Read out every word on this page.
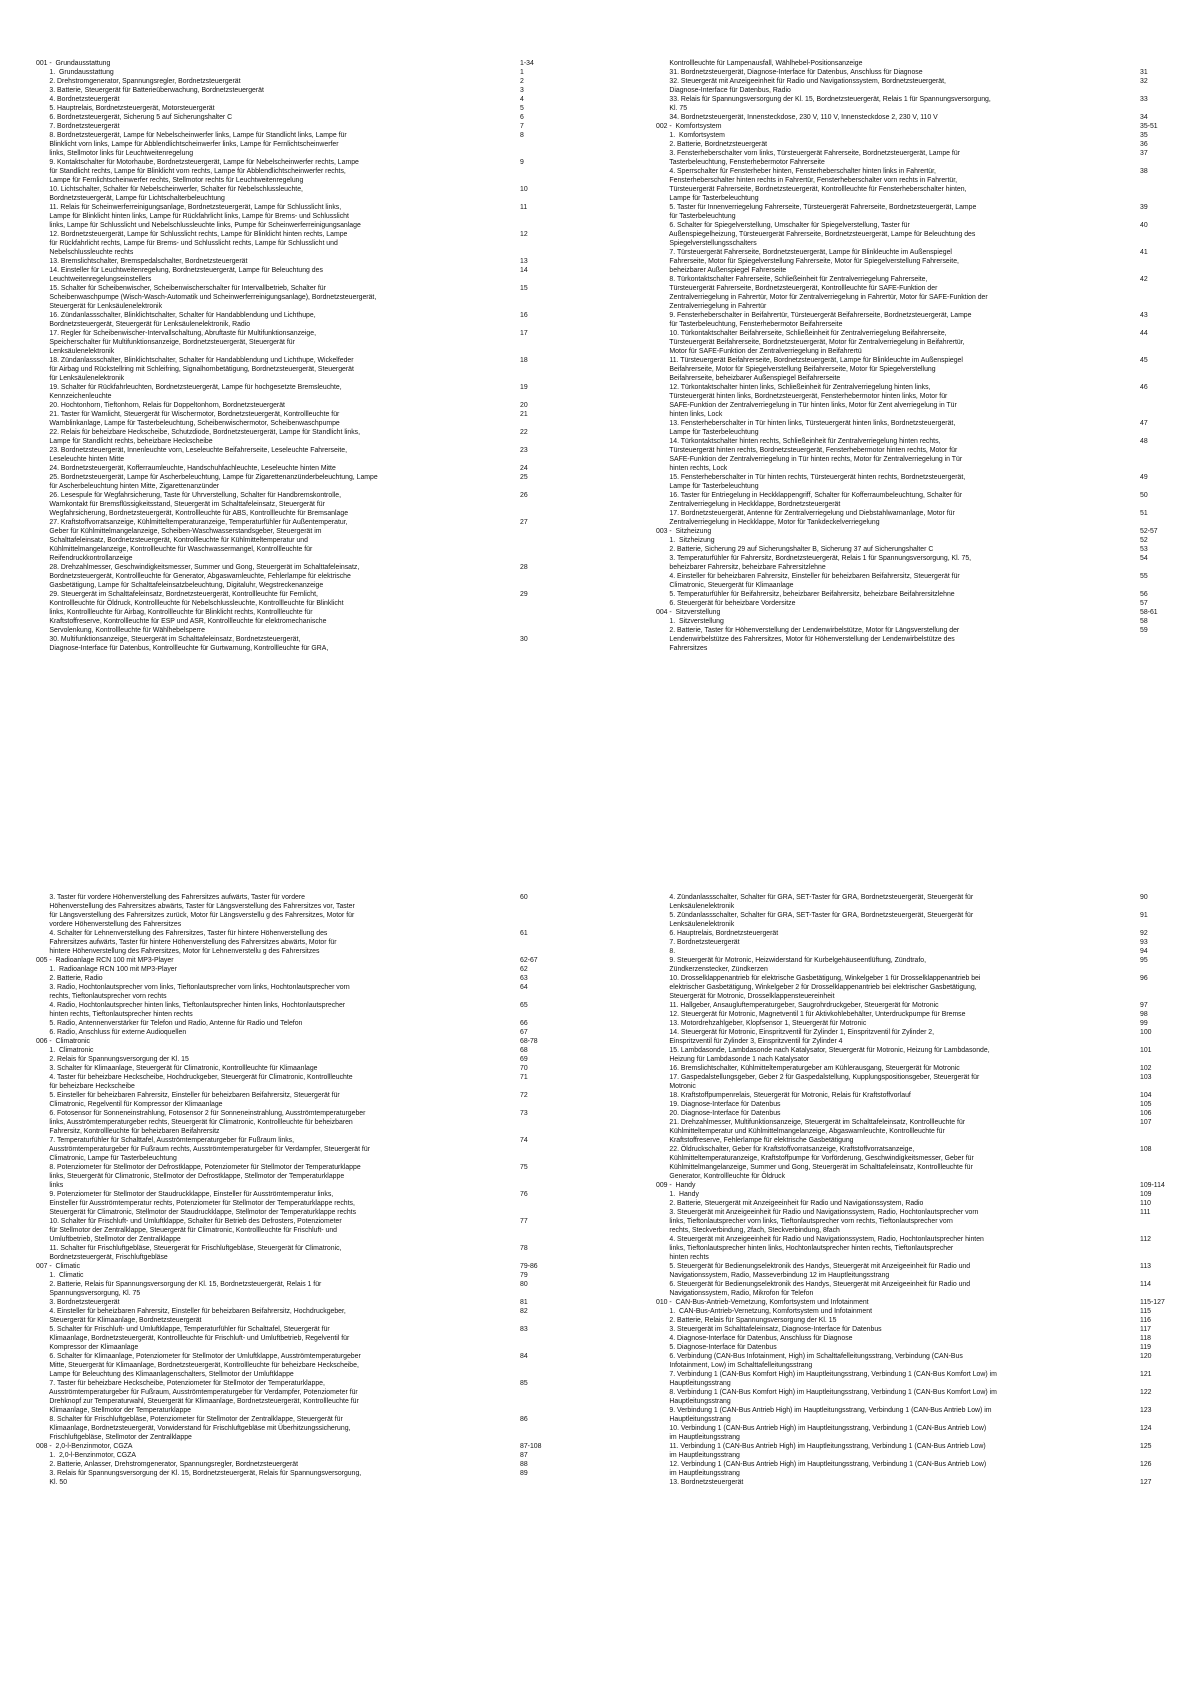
001 -  Grundausstattung	1-34
1.  Grundausstattung	1
2. Drehstromgenerator, Spannungsregler, Bordnetzsteuergerät	2
3. Batterie, Steuergerät für Batterieüberwachung, Bordnetzsteuergerät	3
4. Bordnetzsteuergerät	4
5. Hauptrelais, Bordnetzsteuergerät, Motorsteuergerät	5
6. Bordnetzsteuergerät, Sicherung 5 auf Sicherungshalter C	6
7. Bordnetzsteuergerät	7
8. Bordnetzsteuergerät, Lampe für Nebelscheinwerfer links, Lampe für Standlicht links, Lampe für	8
Blinklicht vorn links, Lampe für Abblendlichtscheinwerfer links, Lampe für Fernlichtscheinwerfer
links, Stellmotor links für Leuchtweitenregelung
9. Kontaktschalter für Motorhaube, Bordnetzsteuergerät, Lampe für Nebelscheinwerfer rechts, Lampe	9
für Standlicht rechts, Lampe für Blinklicht vorn rechts, Lampe für Abblendlichtscheinwerfer rechts,
Lampe für Fernlichtscheinwerfer rechts, Stellmotor rechts für Leuchtweitenregelung
10. Lichtschalter, Schalter für Nebelscheinwerfer, Schalter für Nebelschlussleuchte,	10
Bordnetzsteuergerät, Lampe für Lichtschalterbeleuchtung
11. Relais für Scheinwerferreinigungsanlage, Bordnetzsteuergerät, Lampe für Schlusslicht links,	11
Lampe für Blinklicht hinten links, Lampe für Rückfahrlicht links, Lampe für Brems- und Schlusslicht
links, Lampe für Schlusslicht und Nebelschlussleuchte links, Pumpe für Scheinwerferreinigungsanlage
12. Bordnetzsteuergerät, Lampe für Schlusslicht rechts, Lampe für Blinklicht hinten rechts, Lampe	12
für Rückfahrlicht rechts, Lampe für Brems- und Schlusslicht rechts, Lampe für Schlusslicht und
Nebelschlussleuchte rechts
13. Bremslichtschalter, Bremspedalschalter, Bordnetzsteuergerät	13
14. Einsteller für Leuchtweitenregelung, Bordnetzsteuergerät, Lampe für Beleuchtung des	14
Leuchtweitenregelungseinstellers
15. Schalter für Scheibenwischer, Scheibenwischerschalter für Intervallbetrieb, Schalter für	15
Scheibenwaschpumpe (Wisch-Wasch-Automatik und Scheinwerferreinigungsanlage), Bordnetzsteuergerät,
Steuergerät für Lenksäulenelektronik
16. Zündanlassschalter, Blinklichtschalter, Schalter für Handabblendung und Lichthupe,	16
Bordnetzsteuergerät, Steuergerät für Lenksäulenelektronik, Radio
17. Regler für Scheibenwischer-Intervallschaltung, Abruftaste für Multifunktionsanzeige,	17
Speicherschalter für Multifunktionsanzeige, Bordnetzsteuergerät, Steuergerät für
Lenksäulenelektronik
18. Zündanlassschalter, Blinklichtschalter, Schalter für Handabblendung und Lichthupe, Wickelfeder	18
für Airbag und Rückstellring mit Schleifring, Signalhornbetätigung, Bordnetzsteuergerät, Steuergerät
für Lenksäulenelektronik
19. Schalter für Rückfahrleuchten, Bordnetzsteuergerät, Lampe für hochgesetzte Bremsleuchte,	19
Kennzeichenleuchte
20. Hochtonhorn, Tieftonhorn, Relais für Doppeltonhorn, Bordnetzsteuergerät	20
21. Taster für Warnlicht, Steuergerät für Wischermotor, Bordnetzsteuergerät, Kontrollleuchte für	21
Warnblinkanlage, Lampe für Tasterbeleuchtung, Scheibenwischermotor, Scheibenwaschpumpe
22. Relais für beheizbare Heckscheibe, Schutzdiode, Bordnetzsteuergerät, Lampe für Standlicht links,	22
Lampe für Standlicht rechts, beheizbare Heckscheibe
23. Bordnetzsteuergerät, Innenleuchte vorn, Leseleuchte Beifahrerseite, Leseleuchte Fahrerseite,	23
Leseleuchte hinten Mitte
24. Bordnetzsteuergerät, Kofferraumleuchte, Handschuhfachleuchte, Leseleuchte hinten Mitte	24
25. Bordnetzsteuergerät, Lampe für Ascherbeleuchtung, Lampe für Zigarettenanzünderbeleuchtung, Lampe	25
für Ascherbeleuchtung hinten Mitte, Zigarettenanzünder
26. Lesespule für Wegfahrsicherung, Taste für Uhrverstellung, Schalter für Handbremskontrolle,	26
Warnkontakt für Bremsflüssigkeitsstand, Steuergerät im Schalttafeleinsatz, Steuergerät für
Wegfahrsicherung, Bordnetzsteuergerät, Kontrollleuchte für ABS, Kontrollleuchte für Bremsanlage
27. Kraftstoffvorratsanzeige, Kühlmitteltemperaturanzeige, Temperaturfühler für Außentemperatur,	27
Geber für Kühlmittelmangelanzeige, Scheiben-Waschwasserstandsgeber, Steuergerät im
Schalttafeleinsatz, Bordnetzsteuergerät, Kontrollleuchte für Kühlmitteltemperatur und
Kühlmittelmangelanzeige, Kontrollleuchte für Waschwassermangel, Kontrollleuchte für
Reifendruckkontrollanzeige
28. Drehzahlmesser, Geschwindigkeitsmesser, Summer und Gong, Steuergerät im Schalttafeleinsatz,	28
Bordnetzsteuergerät, Kontrollleuchte für Generator, Abgaswarnleuchte, Fehlerlampe für elektrische
Gasbetätigung, Lampe für Schalttafeleinsatzbeleuchtung, Digitaluhr, Wegstreckenanzeige
29. Steuergerät im Schalttafeleinsatz, Bordnetzsteuergerät, Kontrollleuchte für Fernlicht,	29
Kontrollleuchte für Öldruck, Kontrollleuchte für Nebelschlussleuchte, Kontrollleuchte für Blinklicht
links, Kontrollleuchte für Airbag, Kontrollleuchte für Blinklicht rechts, Kontrollleuchte für
Kraftstoffreserve, Kontrollleuchte für ESP und ASR, Kontrollleuchte für elektromechanische
Servolenkung, Kontrollleuchte für Wählhebelsperre
30. Multifunktionsanzeige, Steuergerät im Schalttafeleinsatz, Bordnetzsteuergerät,	30
Diagnose-Interface für Datenbus, Kontrollleuchte für Gurtwarnung, Kontrollleuchte für GRA,
Kontrollleuchte für Lampenausfall, Wählhebel-Positionsanzeige
31. Bordnetzsteuergerät, Diagnose-Interface für Datenbus, Anschluss für Diagnose	31
32. Steuergerät mit Anzeigeeinheit für Radio und Navigationssystem, Bordnetzsteuergerät,	32
Diagnose-Interface für Datenbus, Radio
33. Relais für Spannungsversorgung der Kl. 15, Bordnetzsteuergerät, Relais 1 für Spannungsversorgung,	33
Kl. 75
34. Bordnetzsteuergerät, Innensteckdose, 230 V, 110 V, Innensteckdose 2, 230 V, 110 V	34
002 -  Komfortsystem	35-51
1.  Komfortsystem	35
2. Batterie, Bordnetzsteuergerät	36
3. Fensterheberschalter vorn links, Türsteuergerät Fahrerseite, Bordnetzsteuergerät, Lampe für	37
Tasterbeleuchtung, Fensterhebermotor Fahrerseite
4. Sperrschalter für Fensterheber hinten, Fensterheberschalter hinten links in Fahrertür,	38
Fensterheberschalter hinten rechts in Fahrertür, Fensterheberschalter vorn rechts in Fahrertür,
Türsteuergerät Fahrerseite, Bordnetzsteuergerät, Kontrollleuchte für Fensterheberschalter hinten,
Lampe für Tasterbeleuchtung
5. Taster für Innenverriegelung Fahrerseite, Türsteuergerät Fahrerseite, Bordnetzsteuergerät, Lampe	39
für Tasterbeleuchtung
6. Schalter für Spiegelverstellung, Umschalter für Spiegelverstellung, Taster für	40
Außenspiegelheizung, Türsteuergerät Fahrerseite, Bordnetzsteuergerät, Lampe für Beleuchtung des
Spiegelverstellungsschalters
7. Türsteuergerät Fahrerseite, Bordnetzsteuergerät, Lampe für Blinkleuchte im Außenspiegel	41
Fahrerseite, Motor für Spiegelverstellung Fahrerseite, Motor für Spiegelverstellung Fahrerseite,
beheizbarer Außenspiegel Fahrerseite
8. Türkontaktschalter Fahrerseite, Schließeinheit für Zentralverriegelung Fahrerseite,	42
Türsteuergerät Fahrerseite, Bordnetzsteuergerät, Kontrollleuchte für SAFE-Funktion der
Zentralverriegelung in Fahrertür, Motor für Zentralverriegelung in Fahrertür, Motor für SAFE-Funktion der
Zentralverriegelung in Fahrertür
9. Fensterheberschalter in Beifahrertür, Türsteuergerät Beifahrerseite, Bordnetzsteuergerät, Lampe	43
für Tasterbeleuchtung, Fensterhebermotor Beifahrerseite
10. Türkontaktschalter Beifahrerseite, Schließeinheit für Zentralverriegelung Beifahrerseite,	44
Türsteuergerät Beifahrerseite, Bordnetzsteuergerät, Motor für Zentralverriegelung in Beifahrertür,
Motor für SAFE-Funktion der Zentralverriegelung in Beifahrertü
11. Türsteuergerät Beifahrerseite, Bordnetzsteuergerät, Lampe für Blinkleuchte im Außenspiegel	45
Beifahrerseite, Motor für Spiegelverstellung Beifahrerseite, Motor für Spiegelverstellung
Beifahrerseite, beheizbarer Außenspiegel Beifahrerseite
12. Türkontaktschalter hinten links, Schließeinheit für Zentralverriegelung hinten links,	46
Türsteuergerät hinten links, Bordnetzsteuergerät, Fensterhebermotor hinten links, Motor für
SAFE-Funktion der Zentralverriegelung in Tür hinten links, Motor für Zent alverriegelung in Tür
hinten links, Lock
13. Fensterheberschalter in Tür hinten links, Türsteuergerät hinten links, Bordnetzsteuergerät,	47
Lampe für Tasterbeleuchtung
14. Türkontaktschalter hinten rechts, Schließeinheit für Zentralverriegelung hinten rechts,	48
Türsteuergerät hinten rechts, Bordnetzsteuergerät, Fensterhebermotor hinten rechts, Motor für
SAFE-Funktion der Zentralverriegelung in Tür hinten rechts, Motor für Zentralverriegelung in Tür
hinten rechts, Lock
15. Fensterheberschalter in Tür hinten rechts, Türsteuergerät hinten rechts, Bordnetzsteuergerät,	49
Lampe für Tasterbeleuchtung
16. Taster für Entriegelung in Heckklappengriff, Schalter für Kofferraumbeleuchtung, Schalter für	50
Zentralverriegelung in Heckklappe, Bordnetzsteuergerät
17. Bordnetzsteuergerät, Antenne für Zentralverriegelung und Diebstahlwarnanlage, Motor für	51
Zentralverriegelung in Heckklappe, Motor für Tankdeckelverriegelung
003 -  Sitzheizung	52-57
1.  Sitzheizung	52
2. Batterie, Sicherung 29 auf Sicherungshalter B, Sicherung 37 auf Sicherungshalter C	53
3. Temperaturfühler für Fahrersitz, Bordnetzsteuergerät, Relais 1 für Spannungsversorgung, Kl. 75,	54
beheizbarer Fahrersitz, beheizbare Fahrersitzlehne
4. Einsteller für beheizbaren Fahrersitz, Einsteller für beheizbaren Beifahrersitz, Steuergerät für	55
Climatronic, Steuergerät für Klimaanlage
5. Temperaturfühler für Beifahrersitz, beheizbarer Beifahrersitz, beheizbare Beifahrersitzlehne	56
6. Steuergerät für beheizbare Vordersitze	57
004 -  Sitzverstellung	58-61
1.  Sitzverstellung	58
2. Batterie, Taster für Höhenverstellung der Lendenwirbelstütze, Motor für Längsverstellung der	59
Lendenwirbelstütze des Fahrersitzes, Motor für Höhenverstellung der Lendenwirbelstütze des
Fahrersitzes
3. Taster für vordere Höhenverstellung des Fahrersitzes aufwärts, Taster für vordere	60
Höhenverstellung des Fahrersitzes abwärts, Taster für Längsverstellung des Fahrersitzes vor, Taster
für Längsverstellung des Fahrersitzes zurück, Motor für Längsverstellu g des Fahrersitzes, Motor für
vordere Höhenverstellung des Fahrersitzes
4. Schalter für Lehnenverstellung des Fahrersitzes, Taster für hintere Höhenverstellung des	61
Fahrersitzes aufwärts, Taster für hintere Höhenverstellung des Fahrersitzes abwärts, Motor für
hintere Höhenverstellung des Fahrersitzes, Motor für Lehnenverstellu g des Fahrersitzes
005 -  Radioanlage RCN 100 mit MP3-Player	62-67
1.  Radioanlage RCN 100 mit MP3-Player	62
2. Batterie, Radio	63
3. Radio, Hochtonlautsprecher vorn links, Tieftonlautsprecher vorn links, Hochtonlautsprecher vorn	64
rechts, Tieftonlautsprecher vorn rechts
4. Radio, Hochtonlautsprecher hinten links, Tieftonlautsprecher hinten links, Hochtonlautsprecher	65
hinten rechts, Tieftonlautsprecher hinten rechts
5. Radio, Antennenverstärker für Telefon und Radio, Antenne für Radio und Telefon	66
6. Radio, Anschluss für externe Audioquellen	67
006 -  Climatronic	68-78
1.  Climatronic	68
2. Relais für Spannungsversorgung der Kl. 15	69
3. Schalter für Klimaanlage, Steuergerät für Climatronic, Kontrollleuchte für Klimaanlage	70
4. Taster für beheizbare Heckscheibe, Hochdruckgeber, Steuergerät für Climatronic, Kontrollleuchte	71
für beheizbare Heckscheibe
5. Einsteller für beheizbaren Fahrersitz, Einsteller für beheizbaren Beifahrersitz, Steuergerät für	72
Climatronic, Regelventil für Kompressor der Klimaanlage
6. Fotosensor für Sonneneinstrahlung, Fotosensor 2 für Sonneneinstrahlung, Ausströmtemperaturgeber	73
links, Ausströmtemperaturgeber rechts, Steuergerät für Climatronic, Kontrollleuchte für beheizbaren
Fahrersitz, Kontrollleuchte für beheizbaren Beifahrersitz
7. Temperaturfühler für Schalttafel, Ausströmtemperaturgeber für Fußraum links,	74
Ausströmtemperaturgeber für Fußraum rechts, Ausströmtemperaturgeber für Verdampfer, Steuergerät für
Climatronic, Lampe für Tasterbeleuchtung
8. Potenziometer für Stellmotor der Defrostklappe, Potenziometer für Stellmotor der Temperaturklappe	75
links, Steuergerät für Climatronic, Stellmotor der Defrostklappe, Stellmotor der Temperaturklappe
links
9. Potenziometer für Stellmotor der Staudruckklappe, Einsteller für Ausströmtemperatur links,	76
Einsteller für Ausströmtemperatur rechts, Potenziometer für Stellmotor der Temperaturklappe rechts,
Steuergerät für Climatronic, Stellmotor der Staudruckklappe, Stellmotor der Temperaturklappe rechts
10. Schalter für Frischluft- und Umluftklappe, Schalter für Betrieb des Defrosters, Potenziometer	77
für Stellmotor der Zentralklappe, Steuergerät für Climatronic, Kontrollleuchte für Frischluft- und
Umluftbetrieb, Stellmotor der Zentralklappe
11. Schalter für Frischluftgebläse, Steuergerät für Frischluftgebläse, Steuergerät für Climatronic,	78
Bordnetzsteuergerät, Frischluftgebläse
007 -  Climatic	79-86
1.  Climatic	79
2. Batterie, Relais für Spannungsversorgung der Kl. 15, Bordnetzsteuergerät, Relais 1 für	80
Spannungsversorgung, Kl. 75
3. Bordnetzsteuergerät	81
4. Einsteller für beheizbaren Fahrersitz, Einsteller für beheizbaren Beifahrersitz, Hochdruckgeber,	82
Steuergerät für Klimaanlage, Bordnetzsteuergerät
5. Schalter für Frischluft- und Umluftklappe, Temperaturfühler für Schalttafel, Steuergerät für	83
Klimaanlage, Bordnetzsteuergerät, Kontrollleuchte für Frischluft- und Umluftbetrieb, Regelventil für
Kompressor der Klimaanlage
6. Schalter für Klimaanlage, Potenziometer für Stellmotor der Umluftklappe, Ausströmtemperaturgeber	84
Mitte, Steuergerät für Klimaanlage, Bordnetzsteuergerät, Kontrollleuchte für beheizbare Heckscheibe,
Lampe für Beleuchtung des Klimaanlagenschalters, Stellmotor der Umluftklappe
7. Taster für beheizbare Heckscheibe, Potenziometer für Stellmotor der Temperaturklappe,	85
Ausströmtemperaturgeber für Fußraum, Ausströmtemperaturgeber für Verdampfer, Potenziometer für
Drehknopf zur Temperaturwahl, Steuergerät für Klimaanlage, Bordnetzsteuergerät, Kontrollleuchte für
Klimaanlage, Stellmotor der Temperaturklappe
8. Schalter für Frischluftgebläse, Potenziometer für Stellmotor der Zentralklappe, Steuergerät für	86
Klimaanlage, Bordnetzsteuergerät, Vorwiderstand für Frischluftgebläse mit Überhitzungssicherung,
Frischluftgebläse, Stellmotor der Zentralklappe
008 -  2,0-l-Benzinmotor, CGZA	87-108
1.  2,0-l-Benzinmotor, CGZA	87
2. Batterie, Anlasser, Drehstromgenerator, Spannungsregler, Bordnetzsteuergerät	88
3. Relais für Spannungsversorgung der Kl. 15, Bordnetzsteuergerät, Relais für Spannungsversorgung,	89
Kl. 50
4. Zündanlassschalter, Schalter für GRA, SET-Taster für GRA, Bordnetzsteuergerät, Steuergerät für	90
Lenksäulenelektronik
5. Zündanlassschalter, Schalter für GRA, SET-Taster für GRA, Bordnetzsteuergerät, Steuergerät für	91
Lenksäulenelektronik
6. Hauptrelais, Bordnetzsteuergerät	92
7. Bordnetzsteuergerät	93
8.	94
9. Steuergerät für Motronic, Heizwiderstand für Kurbelgehäuseentlüftung, Zündtrafo,	95
Zündkerzenstecker, Zündkerzen
10. Drosselklappenantrieb für elektrische Gasbetätigung, Winkelgeber 1 für Drosselklappenantrieb bei	96
elektrischer Gasbetätigung, Winkelgeber 2 für Drosselklappenantrieb bei elektrischer Gasbetätigung,
Steuergerät für Motronic, Drosselklappensteuereinheit
11. Hallgeber, Ansaugluftemperaturgeber, Saugrohrdruckgeber, Steuergerät für Motronic	97
12. Steuergerät für Motronic, Magnetventil 1 für Aktivkohlebehälter, Unterdruckpumpe für Bremse	98
13. Motordrehzahlgeber, Klopfsensor 1, Steuergerät für Motronic	99
14. Steuergerät für Motronic, Einspritzventil für Zylinder 1, Einspritzventil für Zylinder 2,	100
Einspritzventil für Zylinder 3, Einspritzventil für Zylinder 4
15. Lambdasonde, Lambdasonde nach Katalysator, Steuergerät für Motronic, Heizung für Lambdasonde,	101
Heizung für Lambdasonde 1 nach Katalysator
16. Bremslichtschalter, Kühlmitteltemperaturgeber am Kühlerausgang, Steuergerät für Motronic	102
17. Gaspedalstellungsgeber, Geber 2 für Gaspedalstellung, Kupplungspositionsgeber, Steuergerät für	103
Motronic
18. Kraftstoffpumpenrelais, Steuergerät für Motronic, Relais für Kraftstoffvorlauf	104
19. Diagnose-Interface für Datenbus	105
20. Diagnose-Interface für Datenbus	106
21. Drehzahlmesser, Multifunktionsanzeige, Steuergerät im Schalttafeleinsatz, Kontrollleuchte für	107
Kühlmitteltemperatur und Kühlmittelmangelanzeige, Abgaswarnleuchte, Kontrollleuchte für
Kraftstoffreserve, Fehlerlampe für elektrische Gasbetätigung
22. Öldruckschalter, Geber für Kraftstoffvorratsanzeige, Kraftstoffvorratsanzeige,	108
Kühlmitteltemperaturanzeige, Kraftstoffpumpe für Vorförderung, Geschwindigkeitsmesser, Geber für
Kühlmittelmangelanzeige, Summer und Gong, Steuergerät im Schalttafeleinsatz, Kontrollleuchte für
Generator, Kontrollleuchte für Öldruck
009 -  Handy	109-114
1.  Handy	109
2. Batterie, Steuergerät mit Anzeigeeinheit für Radio und Navigationssystem, Radio	110
3. Steuergerät mit Anzeigeeinheit für Radio und Navigationssystem, Radio, Hochtonlautsprecher vorn	111
links, Tieftonlautsprecher vorn links, Tieftonlautsprecher vorn rechts, Tieftonlautsprecher vorn
rechts, Steckverbindung, 2fach, Steckverbindung, 8fach
4. Steuergerät mit Anzeigeeinheit für Radio und Navigationssystem, Radio, Hochtonlautsprecher hinten	112
links, Tieftonlautsprecher hinten links, Hochtonlautsprecher hinten rechts, Tieftonlautsprecher
hinten rechts
5. Steuergerät für Bedienungselektronik des Handys, Steuergerät mit Anzeigeeinheit für Radio und	113
Navigationssystem, Radio, Masseverbindung 12 im Hauptleitungsstrang
6. Steuergerät für Bedienungselektronik des Handys, Steuergerät mit Anzeigeeinheit für Radio und	114
Navigationssystem, Radio, Mikrofon für Telefon
010 -  CAN-Bus-Antrieb-Vernetzung, Komfortsystem und Infotainment	115-127
1.  CAN-Bus-Antrieb-Vernetzung, Komfortsystem und Infotainment	115
2. Batterie, Relais für Spannungsversorgung der Kl. 15	116
3. Steuergerät im Schalttafeleinsatz, Diagnose-Interface für Datenbus	117
4. Diagnose-Interface für Datenbus, Anschluss für Diagnose	118
5. Diagnose-Interface für Datenbus	119
6. Verbindung (CAN-Bus Infotainment, High) im Schalttafelleitungsstrang, Verbindung (CAN-Bus	120
Infotainment, Low) im Schalttafelleitungsstrang
7. Verbindung 1 (CAN-Bus Komfort High) im Hauptleitungsstrang, Verbindung 1 (CAN-Bus Komfort Low) im	121
Hauptleitungsstrang
8. Verbindung 1 (CAN-Bus Komfort High) im Hauptleitungsstrang, Verbindung 1 (CAN-Bus Komfort Low) im	122
Hauptleitungsstrang
9. Verbindung 1 (CAN-Bus Antrieb High) im Hauptleitungsstrang, Verbindung 1 (CAN-Bus Antrieb Low) im	123
Hauptleitungsstrang
10. Verbindung 1 (CAN-Bus Antrieb High) im Hauptleitungsstrang, Verbindung 1 (CAN-Bus Antrieb Low)	124
im Hauptleitungsstrang
11. Verbindung 1 (CAN-Bus Antrieb High) im Hauptleitungsstrang, Verbindung 1 (CAN-Bus Antrieb Low)	125
im Hauptleitungsstrang
12. Verbindung 1 (CAN-Bus Antrieb High) im Hauptleitungsstrang, Verbindung 1 (CAN-Bus Antrieb Low)	126
im Hauptleitungsstrang
13. Bordnetzsteuergerät	127
